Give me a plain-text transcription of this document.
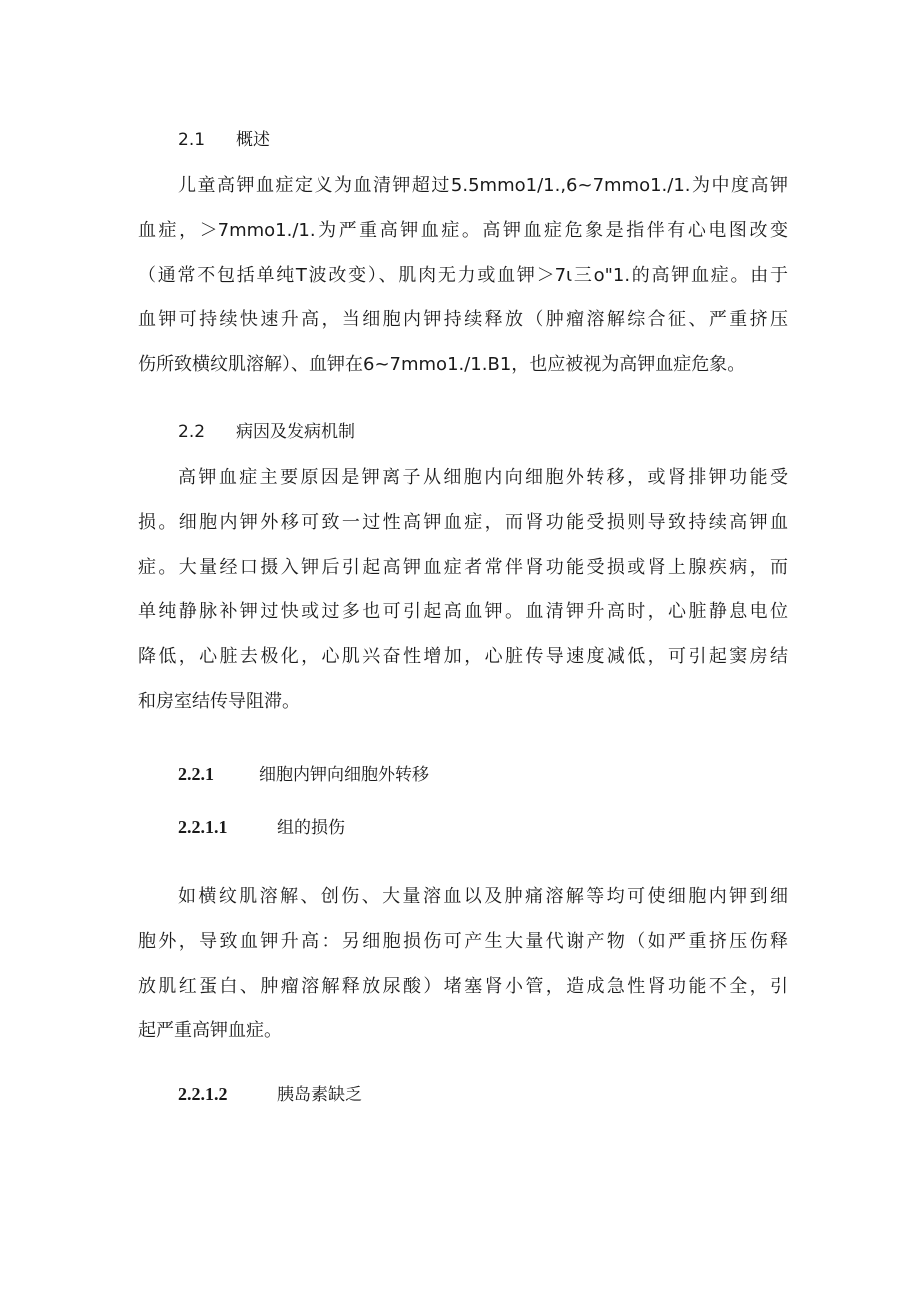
2.1 概述
儿童高钾血症定义为血清钾超过5.5mmo1/1.,6~7mmo1./1.为中度高钾
血症，＞7mmo1./1.为严重高钾血症。高钾血症危象是指伴有心电图改变
（通常不包括单纯T波改变）、肌肉无力或血钾＞7ι三o"1.的高钾血症。由于
血钾可持续快速升高，当细胞内钾持续释放（肿瘤溶解综合征、严重挤压
伤所致横纹肌溶解）、血钾在6~7mmo1./1.B1，也应被视为高钾血症危象。
2.2 病因及发病机制
高钾血症主要原因是钾离子从细胞内向细胞外转移，或肾排钾功能受
损。细胞内钾外移可致一过性高钾血症，而肾功能受损则导致持续高钾血
症。大量经口摄入钾后引起高钾血症者常伴肾功能受损或肾上腺疾病，而
单纯静脉补钾过快或过多也可引起高血钾。血清钾升高时，心脏静息电位
降低，心脏去极化，心肌兴奋性增加，心脏传导速度减低，可引起窦房结
和房室结传导阻滞。
2.2.1	细胞内钾向细胞外转移
2.2.1.1	组的损伤
如横纹肌溶解、创伤、大量溶血以及肿痛溶解等均可使细胞内钾到细
胞外，导致血钾升高：另细胞损伤可产生大量代谢产物（如严重挤压伤释
放肌红蛋白、肿瘤溶解释放尿酸）堵塞肾小管，造成急性肾功能不全，引
起严重高钾血症。
2.2.1.2	胰岛素缺乏
